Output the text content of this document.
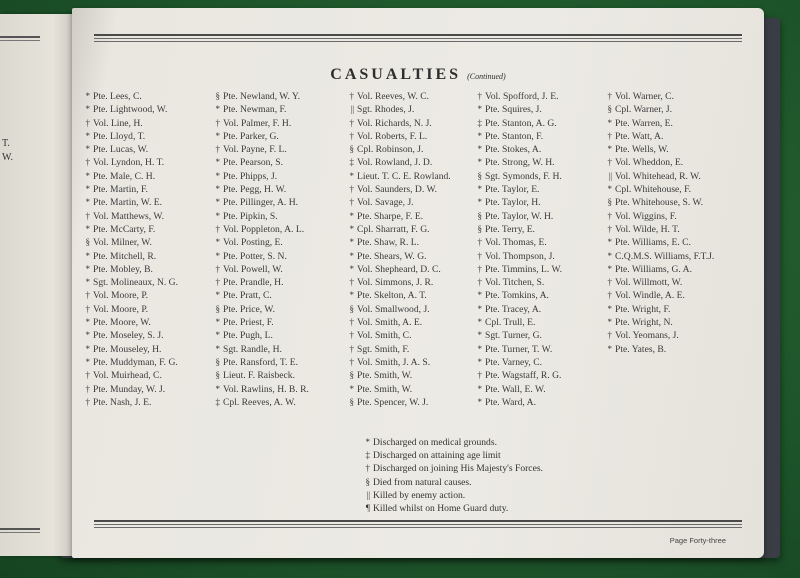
T.
W.
CASUALTIES (Continued)
* Pte. Lees, C.
* Pte. Lightwood, W.
† Vol. Line, H.
* Pte. Lloyd, T.
* Pte. Lucas, W.
† Vol. Lyndon, H. T.
* Pte. Male, C. H.
* Pte. Martin, F.
* Pte. Martin, W. E.
† Vol. Matthews, W.
* Pte. McCarty, F.
§ Vol. Milner, W.
* Pte. Mitchell, R.
* Pte. Mobley, B.
* Sgt. Molineaux, N. G.
† Vol. Moore, P.
† Vol. Moore, P.
* Pte. Moore, W.
* Pte. Moseley, S. J.
* Pte. Mouseley, H.
* Pte. Muddyman, F. G.
† Vol. Muirhead, C.
† Pte. Munday, W. J.
† Pte. Nash, J. E.
§ Pte. Newland, W. Y.
* Pte. Newman, F.
† Vol. Palmer, F. H.
* Pte. Parker, G.
† Vol. Payne, F. L.
* Pte. Pearson, S.
* Pte. Phipps, J.
* Pte. Pegg, H. W.
* Pte. Pillinger, A. H.
* Pte. Pipkin, S.
† Vol. Poppleton, A. L.
* Vol. Posting, E.
* Pte. Potter, S. N.
† Vol. Powell, W.
† Pte. Prandle, H.
* Pte. Pratt, C.
§ Pte. Price, W.
* Pte. Priest, F.
* Pte. Pugh, L.
* Sgt. Randle, H.
§ Pte. Ransford, T. E.
§ Lieut. F. Raisbeck.
* Vol. Rawlins, H. B. R.
‡ Cpl. Reeves, A. W.
† Vol. Reeves, W. C.
|| Sgt. Rhodes, J.
† Vol. Richards, N. J.
† Vol. Roberts, F. L.
§ Cpl. Robinson, J.
‡ Vol. Rowland, J. D.
* Lieut. T. C. E. Rowland.
† Vol. Saunders, D. W.
† Vol. Savage, J.
* Pte. Sharpe, F. E.
* Cpl. Sharratt, F. G.
* Pte. Shaw, R. L.
* Pte. Shears, W. G.
* Vol. Shepheard, D. C.
† Vol. Simmons, J. R.
* Pte. Skelton, A. T.
§ Vol. Smallwood, J.
† Vol. Smith, A. E.
† Vol. Smith, C.
† Sgt. Smith, F.
† Vol. Smith, J. A. S.
§ Pte. Smith, W.
* Pte. Smith, W.
§ Pte. Spencer, W. J.
† Vol. Spofford, J. E.
* Pte. Squires, J.
‡ Pte. Stanton, A. G.
* Pte. Stanton, F.
* Pte. Stokes, A.
* Pte. Strong, W. H.
§ Sgt. Symonds, F. H.
* Pte. Taylor, E.
* Pte. Taylor, H.
§ Pte. Taylor, W. H.
§ Pte. Terry, E.
† Vol. Thomas, E.
† Vol. Thompson, J.
† Pte. Timmins, L. W.
† Vol. Titchen, S.
* Pte. Tomkins, A.
* Pte. Tracey, A.
* Cpl. Trull, E.
* Sgt. Turner, G.
* Pte. Turner, T. W.
* Pte. Varney, C.
† Pte. Wagstaff, R. G.
* Pte. Wall, E. W.
* Pte. Ward, A.
† Vol. Warner, C.
§ Cpl. Warner, J.
* Pte. Warren, E.
† Pte. Watt, A.
* Pte. Wells, W.
† Vol. Wheddon, E.
|| Vol. Whitehead, R. W.
* Cpl. Whitehouse, F.
§ Pte. Whitehouse, S. W.
† Vol. Wiggins, F.
† Vol. Wilde, H. T.
* Pte. Williams, E. C.
* C.Q.M.S. Williams, F.T.J.
* Pte. Williams, G. A.
† Vol. Willmott, W.
† Vol. Windle, A. E.
* Pte. Wright, F.
* Pte. Wright, N.
† Vol. Yeomans, J.
* Pte. Yates, B.
* Discharged on medical grounds.
‡ Discharged on attaining age limit
† Discharged on joining His Majesty's Forces.
§ Died from natural causes.
|| Killed by enemy action.
¶ Killed whilst on Home Guard duty.
Page Forty-three
